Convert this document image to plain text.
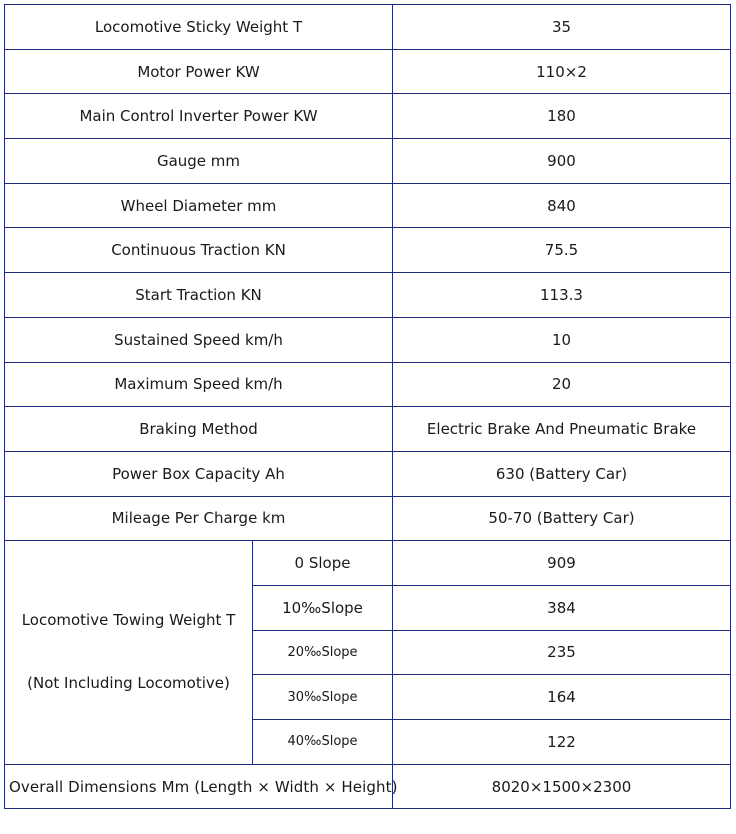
Locomotive Sticky Weight T		35
Motor Power KW		110×2
Main Control Inverter Power KW		180
Gauge mm		900
Wheel Diameter mm		840
Continuous Traction KN		75.5
Start Traction KN		113.3
Sustained Speed km/h		10
Maximum Speed km/h		20
Braking Method		Electric Brake And Pneumatic Brake
Power Box Capacity Ah		630 (Battery Car)
Mileage Per Charge km		50-70 (Battery Car)

Locomotive Towing Weight T
(Not Including Locomotive)	0 Slope	909
	10‰Slope	384
	20‰Slope	235
	30‰Slope	164
	40‰Slope	122
Overall Dimensions Mm (Length × Width × Height)		8020×1500×2300
